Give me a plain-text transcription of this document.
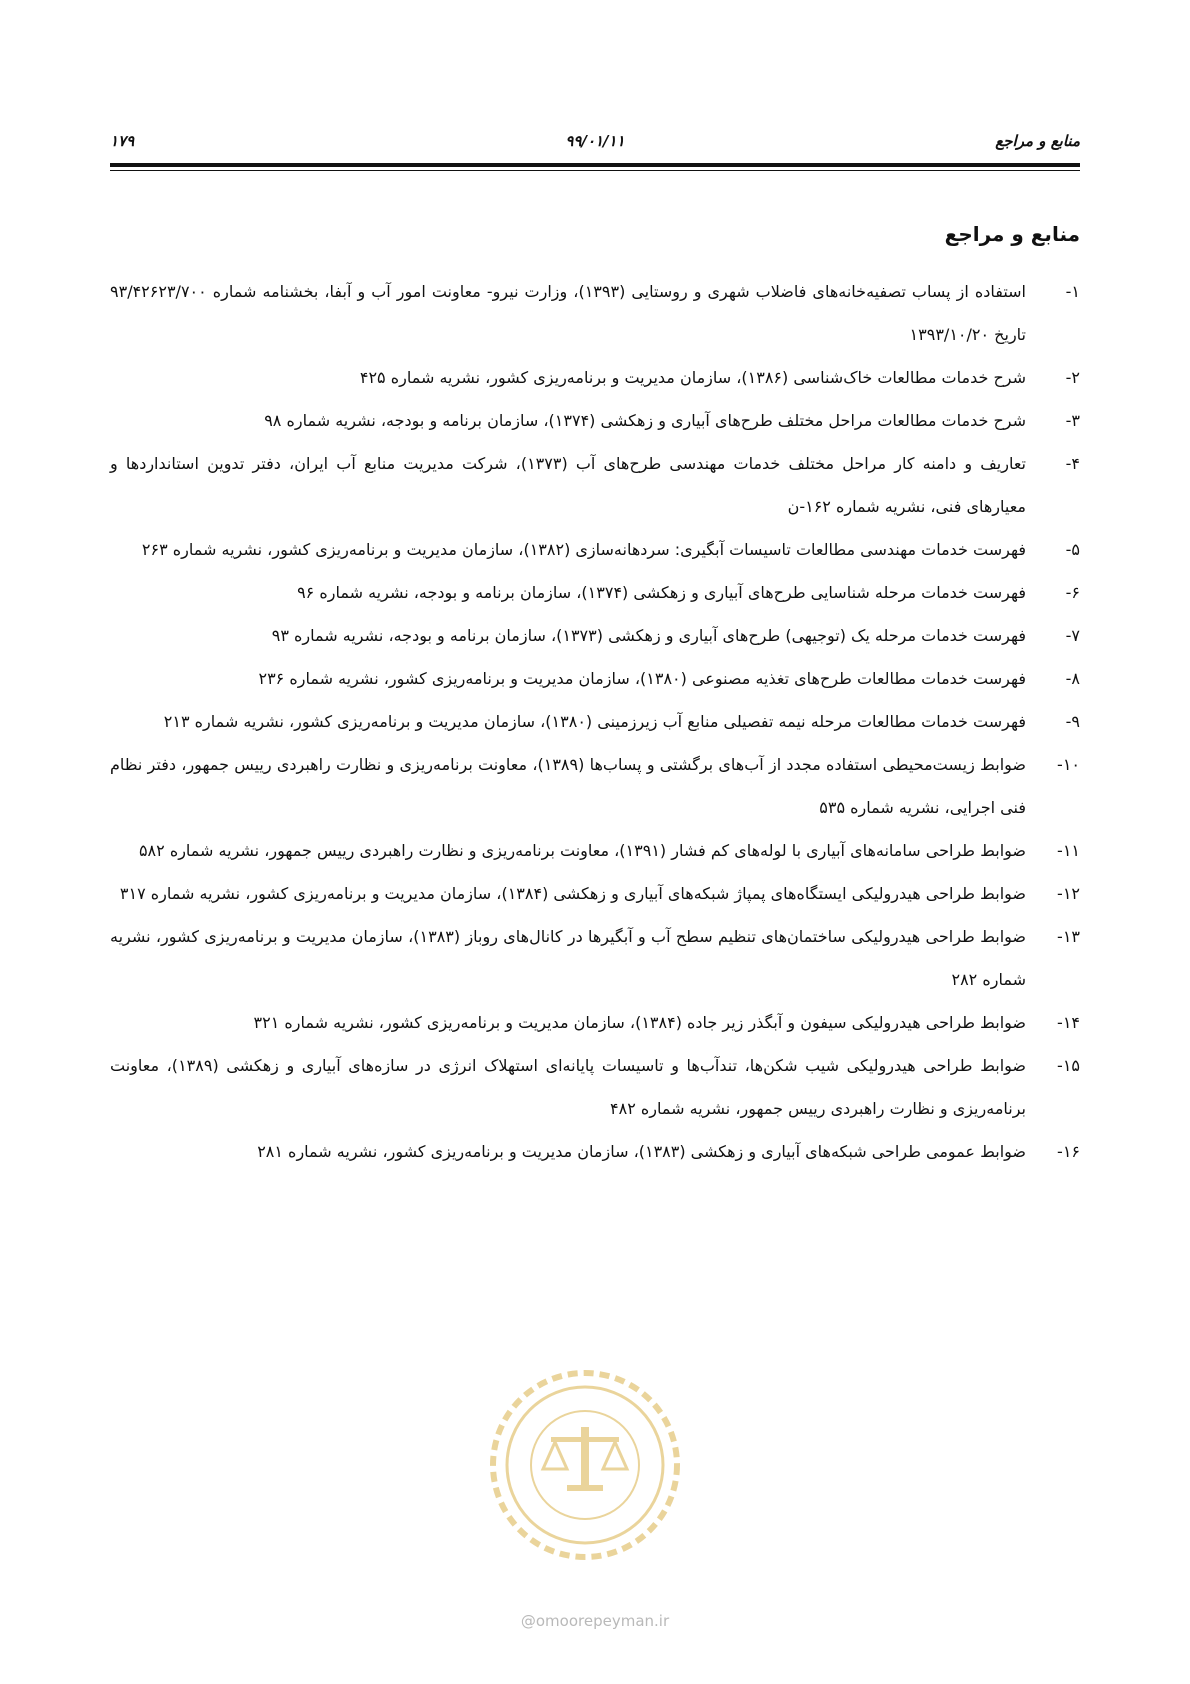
منابع و مراجع
۹۹/۰۱/۱۱
۱۷۹
منابع و مراجع
۱-
استفاده از پساب تصفیه‌خانه‌های فاضلاب شهری و روستایی (۱۳۹۳)، وزارت نیرو- معاونت امور آب و آبفا، بخشنامه شماره ۹۳/۴۲۶۲۳/۷۰۰ تاریخ ۱۳۹۳/۱۰/۲۰
۲-
شرح خدمات مطالعات خاک‌شناسی (۱۳۸۶)، سازمان مدیریت و برنامه‌ریزی کشور، نشریه شماره ۴۲۵
۳-
شرح خدمات مطالعات مراحل مختلف طرح‌های آبیاری و زهکشی (۱۳۷۴)، سازمان برنامه و بودجه، نشریه شماره ۹۸
۴-
تعاریف و دامنه کار مراحل مختلف خدمات مهندسی طرح‌های آب (۱۳۷۳)، شرکت مدیریت منابع آب ایران، دفتر تدوین استانداردها و معیارهای فنی، نشریه شماره ۱۶۲-ن
۵-
فهرست خدمات مهندسی مطالعات تاسیسات آبگیری: سردهانه‌سازی (۱۳۸۲)، سازمان مدیریت و برنامه‌ریزی کشور، نشریه شماره ۲۶۳
۶-
فهرست خدمات مرحله شناسایی طرح‌های آبیاری و زهکشی (۱۳۷۴)، سازمان برنامه و بودجه، نشریه شماره ۹۶
۷-
فهرست خدمات مرحله یک (توجیهی) طرح‌های آبیاری و زهکشی (۱۳۷۳)، سازمان برنامه و بودجه، نشریه شماره ۹۳
۸-
فهرست خدمات مطالعات طرح‌های تغذیه مصنوعی (۱۳۸۰)، سازمان مدیریت و برنامه‌ریزی کشور، نشریه شماره ۲۳۶
۹-
فهرست خدمات مطالعات مرحله نیمه تفصیلی منابع آب زیرزمینی (۱۳۸۰)، سازمان مدیریت و برنامه‌ریزی کشور، نشریه شماره ۲۱۳
۱۰-
ضوابط زیست‌محیطی استفاده مجدد از آب‌های برگشتی و پساب‌ها (۱۳۸۹)، معاونت برنامه‌ریزی و نظارت راهبردی رییس جمهور، دفتر نظام فنی اجرایی، نشریه شماره ۵۳۵
۱۱-
ضوابط طراحی سامانه‌های آبیاری با لوله‌های کم فشار (۱۳۹۱)، معاونت برنامه‌ریزی و نظارت راهبردی رییس جمهور، نشریه شماره ۵۸۲
۱۲-
ضوابط طراحی هیدرولیکی ایستگاه‌های پمپاژ شبکه‌های آبیاری و زهکشی (۱۳۸۴)، سازمان مدیریت و برنامه‌ریزی کشور، نشریه شماره ۳۱۷
۱۳-
ضوابط طراحی هیدرولیکی ساختمان‌های تنظیم سطح آب و آبگیرها در کانال‌های روباز (۱۳۸۳)، سازمان مدیریت و برنامه‌ریزی کشور، نشریه شماره ۲۸۲
۱۴-
ضوابط طراحی هیدرولیکی سیفون و آبگذر زیر جاده (۱۳۸۴)، سازمان مدیریت و برنامه‌ریزی کشور، نشریه شماره ۳۲۱
۱۵-
ضوابط طراحی هیدرولیکی شیب شکن‌ها، تندآب‌ها و تاسیسات پایانه‌ای استهلاک انرژی در سازه‌های آبیاری و زهکشی (۱۳۸۹)، معاونت برنامه‌ریزی و نظارت راهبردی رییس جمهور، نشریه شماره ۴۸۲
۱۶-
ضوابط عمومی طراحی شبکه‌های آبیاری و زهکشی (۱۳۸۳)، سازمان مدیریت و برنامه‌ریزی کشور، نشریه شماره ۲۸۱
@omoorepeyman.ir
